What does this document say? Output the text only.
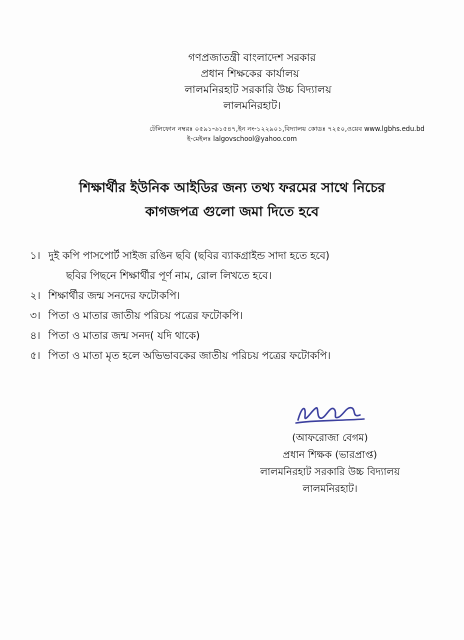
গণপ্রজাতন্ত্রী বাংলাদেশ সরকার
প্রধান শিক্ষকের কার্যালয়
লালমনিরহাট সরকারি উচ্চ বিদ্যালয়
লালমনিরহাট।
টেলিফোন নম্বরঃ ০৫৯১-৬১৫৪৭,ইন নং-১২২৯০১,বিদ্যালয় কোডঃ ৭২৫০,ওয়েব www.lgbhs.edu.bd
ই-মেইলঃ lalgovschool@yahoo.com
শিক্ষার্থীর ইউনিক আইডির জন্য তথ্য ফরমের সাথে নিচের
কাগজপত্র গুলো জমা দিতে হবে
১। দুই কপি পাসপোর্ট সাইজ রঙিন ছবি (ছবির ব্যাকগ্রাইন্ড সাদা হতে হবে)
ছবির পিছনে শিক্ষার্থীর পূর্ণ নাম, রোল লিখতে হবে।
২। শিক্ষার্থীর জন্ম সনদের ফটোকপি।
৩। পিতা ও মাতার জাতীয় পরিচয় পত্রের ফটোকপি।
৪। পিতা ও মাতার জন্ম সনদ( যদি থাকে)
৫। পিতা ও মাতা মৃত হলে অভিভাবকের জাতীয় পরিচয় পত্রের ফটোকপি।
(আফরোজা বেগম)
প্রধান শিক্ষক (ভারপ্রাপ্ত)
লালমনিরহাট সরকারি উচ্চ বিদ্যালয়
লালমনিরহাট।
